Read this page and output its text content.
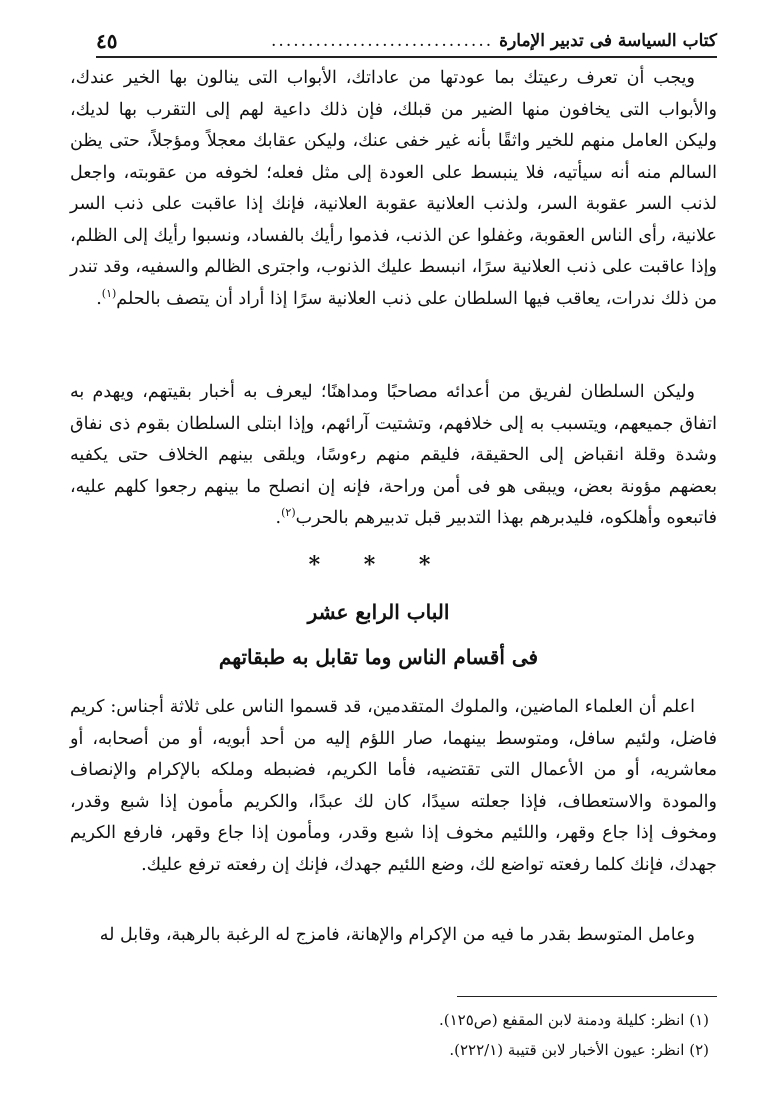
كتاب السياسة فى تدبير الإمارة
..............................
٤٥

ويجب أن تعرف رعيتك بما عودتها من عاداتك، الأبواب التى ينالون بها الخير عندك، والأبواب التى يخافون منها الضير من قبلك، فإن ذلك داعية لهم إلى التقرب بها لديك، وليكن العامل منهم للخير واثقًا بأنه غير خفى عنك، وليكن عقابك معجلاً ومؤجلاً، حتى يظن السالم منه أنه سيأتيه، فلا ينبسط على العودة إلى مثل فعله؛ لخوفه من عقوبته، واجعل لذنب السر عقوبة السر، ولذنب العلانية عقوبة العلانية، فإنك إذا عاقبت على ذنب السر علانية، رأى الناس العقوبة، وغفلوا عن الذنب، فذموا رأيك بالفساد، ونسبوا رأيك إلى الظلم، وإذا عاقبت على ذنب العلانية سرًا، انبسط عليك الذنوب، واجترى الظالم والسفيه، وقد تندر من ذلك ندرات، يعاقب فيها السلطان على ذنب العلانية سرًا إذا أراد أن يتصف بالحلم$^{(١)}$.

وليكن السلطان لفريق من أعدائه مصاحبًا ومداهنًا؛ ليعرف به أخبار بقيتهم، ويهدم به اتفاق جميعهم، ويتسبب به إلى خلافهم، وتشتيت آرائهم، وإذا ابتلى السلطان بقوم ذى نفاق وشدة وقلة انقباض إلى الحقيقة، فليقم منهم رءوسًا، ويلقى بينهم الخلاف حتى يكفيه بعضهم مؤونة بعض، ويبقى هو فى أمن وراحة، فإنه إن انصلح ما بينهم رجعوا كلهم عليه، فاتبعوه وأهلكوه، فليدبرهم بهذا التدبير قبل تدبيرهم بالحرب$^{(٢)}$.

* * *
الباب الرابع عشر
فى أقسام الناس وما تقابل به طبقاتهم

اعلم أن العلماء الماضين، والملوك المتقدمين، قد قسموا الناس على ثلاثة أجناس: كريم فاضل، ولئيم سافل، ومتوسط بينهما، صار اللؤم إليه من أحد أبويه، أو من أصحابه، أو معاشريه، أو من الأعمال التى تقتضيه، فأما الكريم، فضبطه وملكه بالإكرام والإنصاف والمودة والاستعطاف، فإذا جعلته سيدًا، كان لك عبدًا، والكريم مأمون إذا شبع وقدر، ومخوف إذا جاع وقهر، واللئيم مخوف إذا شبع وقدر، ومأمون إذا جاع وقهر، فارفع الكريم جهدك، فإنك كلما رفعته تواضع لك، وضع اللئيم جهدك، فإنك إن رفعته ترفع عليك.

وعامل المتوسط بقدر ما فيه من الإكرام والإهانة، فامزج له الرغبة بالرهبة، وقابل له

(١) انظر: كليلة ودمنة لابن المقفع (ص١٢٥).
(٢) انظر: عيون الأخبار لابن قتيبة (٢٢٢/١).
